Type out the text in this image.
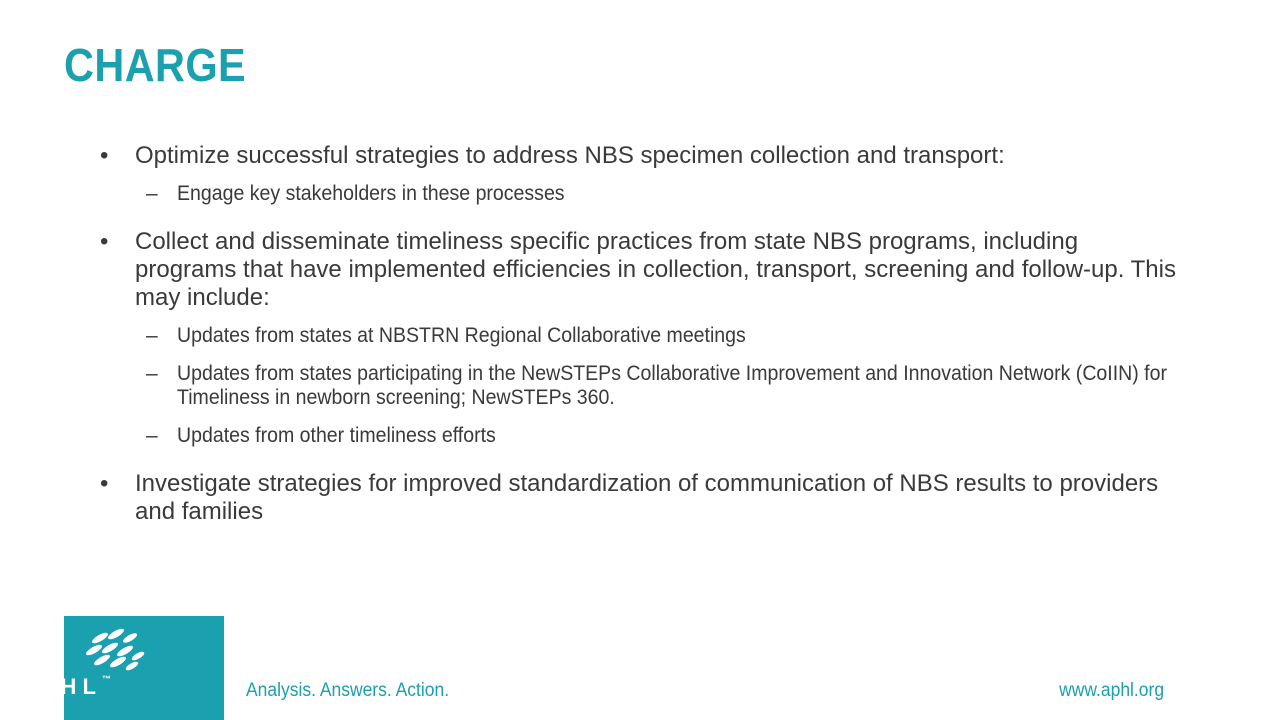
CHARGE
• Optimize successful strategies to address NBS specimen collection and transport:
– Engage key stakeholders in these processes
• Collect and disseminate timeliness specific practices from state NBS programs, including programs that have implemented efficiencies in collection, transport, screening and follow-up. This may include:
– Updates from states at NBSTRN Regional Collaborative meetings
– Updates from states participating in the NewSTEPs Collaborative Improvement and Innovation Network (CoIIN) for Timeliness in newborn screening; NewSTEPs 360.
– Updates from other timeliness efforts
• Investigate strategies for improved standardization of communication of NBS results to providers and families
APHL™
Analysis. Answers. Action.	www.aphl.org
